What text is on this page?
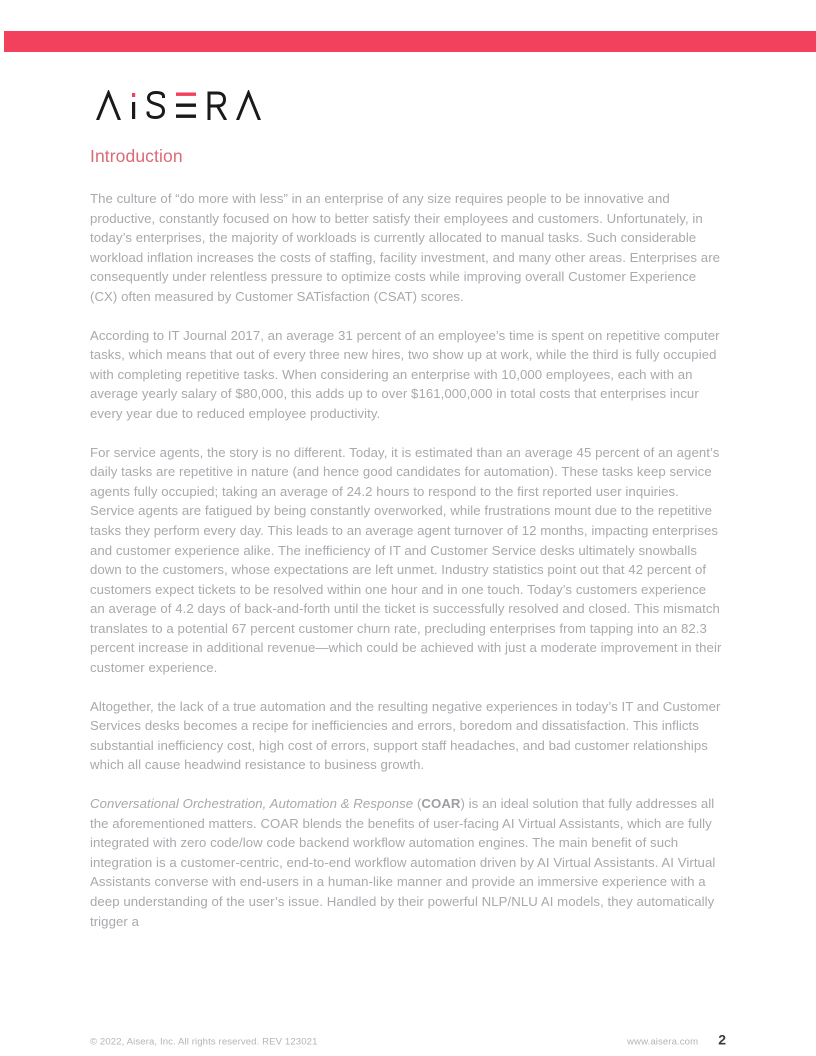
Introduction

The culture of “do more with less” in an enterprise of any size requires people to be innovative and productive, constantly focused on how to better satisfy their employees and customers. Unfortunately, in today’s enterprises, the majority of workloads is currently allocated to manual tasks. Such considerable workload inflation increases the costs of staffing, facility investment, and many other areas. Enterprises are consequently under relentless pressure to optimize costs while improving overall Customer Experience (CX) often measured by Customer SATisfaction (CSAT) scores.

According to IT Journal 2017, an average 31 percent of an employee’s time is spent on repetitive computer tasks, which means that out of every three new hires, two show up at work, while the third is fully occupied with completing repetitive tasks. When considering an enterprise with 10,000 employees, each with an average yearly salary of $80,000, this adds up to over $161,000,000 in total costs that enterprises incur every year due to reduced employee productivity.

For service agents, the story is no different. Today, it is estimated than an average 45 percent of an agent’s daily tasks are repetitive in nature (and hence good candidates for automation). These tasks keep service agents fully occupied; taking an average of 24.2 hours to respond to the first reported user inquiries. Service agents are fatigued by being constantly overworked, while frustrations mount due to the repetitive tasks they perform every day. This leads to an average agent turnover of 12 months, impacting enterprises and customer experience alike. The inefficiency of IT and Customer Service desks ultimately snowballs down to the customers, whose expectations are left unmet. Industry statistics point out that 42 percent of customers expect tickets to be resolved within one hour and in one touch. Today’s customers experience an average of 4.2 days of back-and-forth until the ticket is successfully resolved and closed. This mismatch translates to a potential 67 percent customer churn rate, precluding enterprises from tapping into an 82.3 percent increase in additional revenue—which could be achieved with just a moderate improvement in their customer experience.

Altogether, the lack of a true automation and the resulting negative experiences in today’s IT and Customer Services desks becomes a recipe for inefficiencies and errors, boredom and dissatisfaction. This inflicts substantial inefficiency cost, high cost of errors, support staff headaches, and bad customer relationships which all cause headwind resistance to business growth.

Conversational Orchestration, Automation & Response (COAR) is an ideal solution that fully addresses all the aforementioned matters. COAR blends the benefits of user-facing AI Virtual Assistants, which are fully integrated with zero code/low code backend workflow automation engines. The main benefit of such integration is a customer-centric, end-to-end workflow automation driven by AI Virtual Assistants. AI Virtual Assistants converse with end-users in a human-like manner and provide an immersive experience with a deep understanding of the user’s issue. Handled by their powerful NLP/NLU AI models, they automatically trigger a

© 2022, Aisera, Inc. All rights reserved. REV 123021	www.aisera.com 2
